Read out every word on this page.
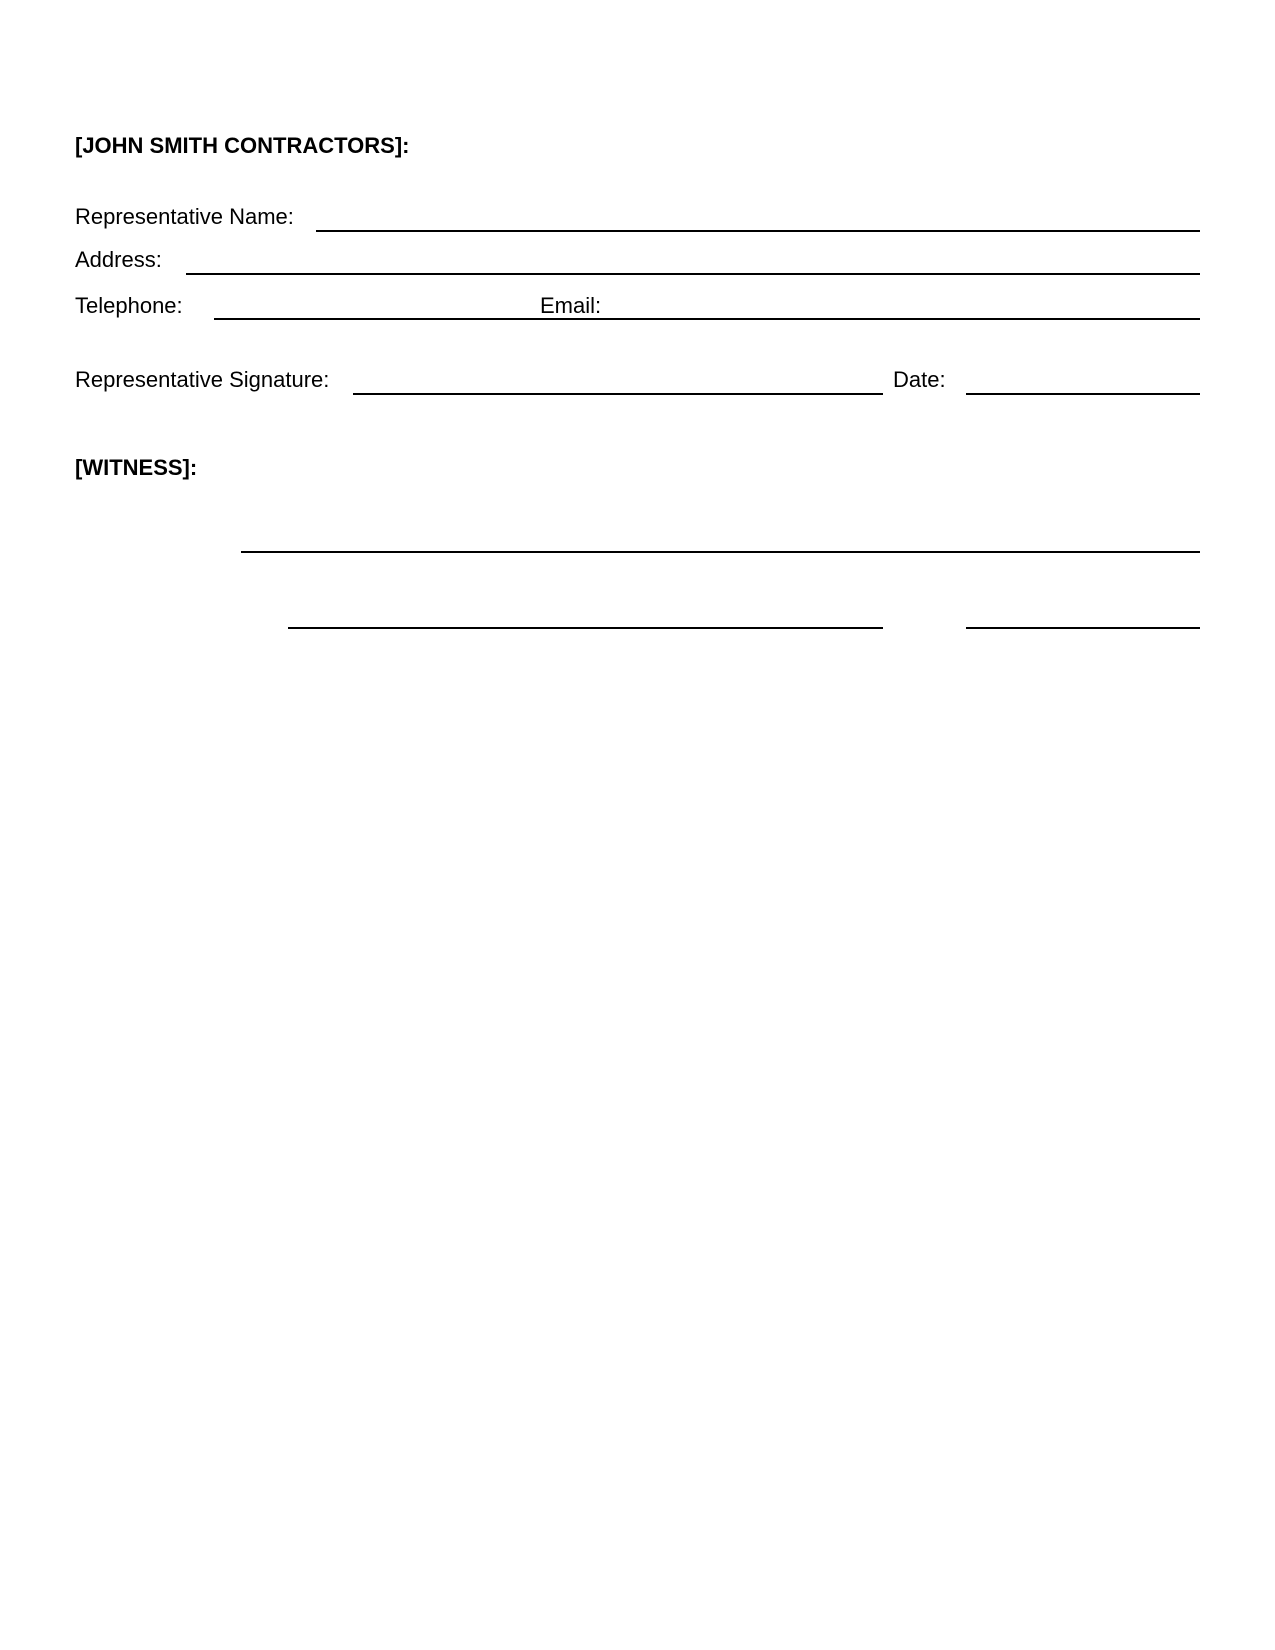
[JOHN SMITH CONTRACTORS]:
Representative Name:
Address:
Telephone:	Email:
Representative Signature:	Date:
[WITNESS]:
